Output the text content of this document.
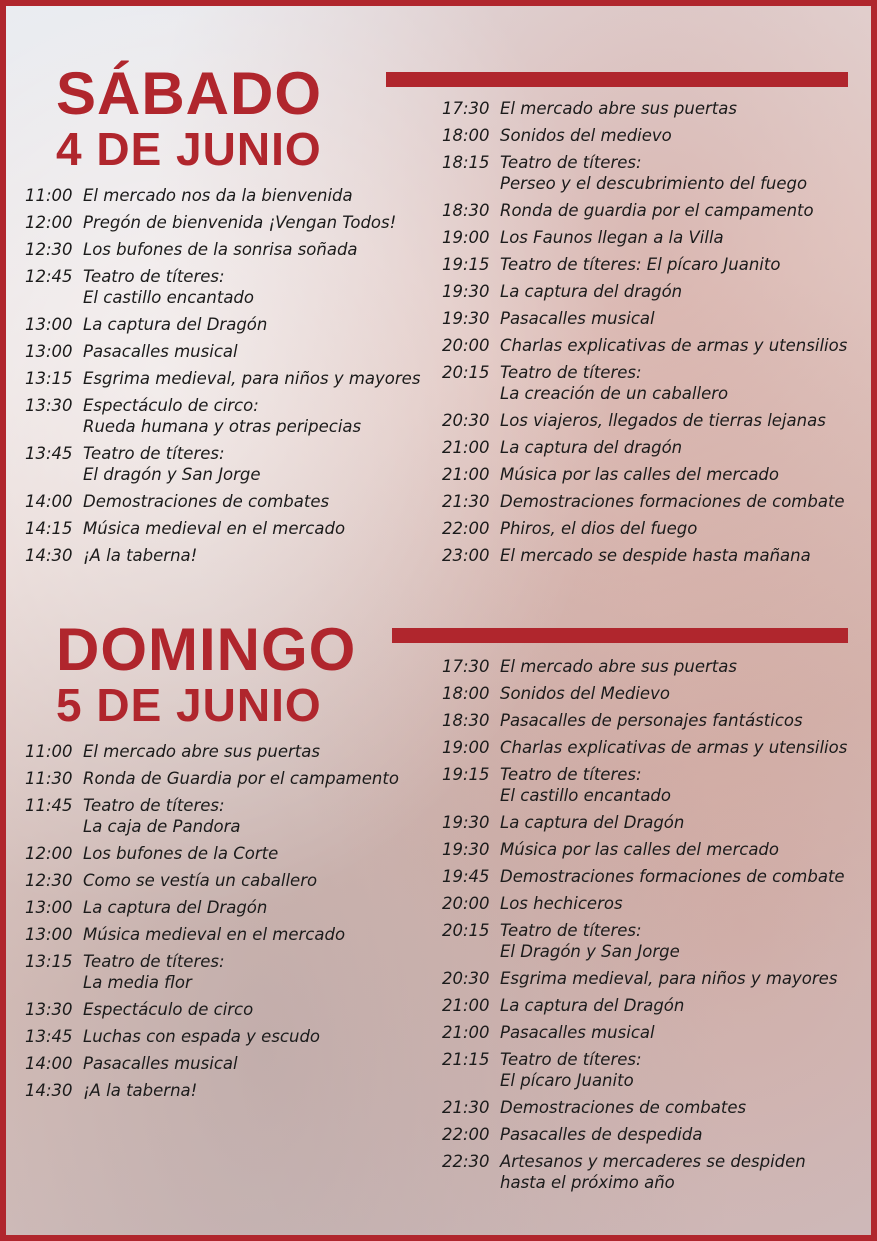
SÁBADO
4 DE JUNIO
11:00 El mercado nos da la bienvenida
12:00 Pregón de bienvenida ¡Vengan Todos!
12:30 Los bufones de la sonrisa soñada
12:45 Teatro de títeres:
El castillo encantado
13:00 La captura del Dragón
13:00 Pasacalles musical
13:15 Esgrima medieval, para niños y mayores
13:30 Espectáculo de circo:
Rueda humana y otras peripecias
13:45 Teatro de títeres:
El dragón y San Jorge
14:00 Demostraciones de combates
14:15 Música medieval en el mercado
14:30 ¡A la taberna!
17:30 El mercado abre sus puertas
18:00 Sonidos del medievo
18:15 Teatro de títeres:
Perseo y el descubrimiento del fuego
18:30 Ronda de guardia por el campamento
19:00 Los Faunos llegan a la Villa
19:15 Teatro de títeres: El pícaro Juanito
19:30 La captura del dragón
19:30 Pasacalles musical
20:00 Charlas explicativas de armas y utensilios
20:15 Teatro de títeres:
La creación de un caballero
20:30 Los viajeros, llegados de tierras lejanas
21:00 La captura del dragón
21:00 Música por las calles del mercado
21:30 Demostraciones formaciones de combate
22:00 Phiros, el dios del fuego
23:00 El mercado se despide hasta mañana
DOMINGO
5 DE JUNIO
11:00 El mercado abre sus puertas
11:30 Ronda de Guardia por el campamento
11:45 Teatro de títeres:
La caja de Pandora
12:00 Los bufones de la Corte
12:30 Como se vestía un caballero
13:00 La captura del Dragón
13:00 Música medieval en el mercado
13:15 Teatro de títeres:
La media flor
13:30 Espectáculo de circo
13:45 Luchas con espada y escudo
14:00 Pasacalles musical
14:30 ¡A la taberna!
17:30 El mercado abre sus puertas
18:00 Sonidos del Medievo
18:30 Pasacalles de personajes fantásticos
19:00 Charlas explicativas de armas y utensilios
19:15 Teatro de títeres:
El castillo encantado
19:30 La captura del Dragón
19:30 Música por las calles del mercado
19:45 Demostraciones formaciones de combate
20:00 Los hechiceros
20:15 Teatro de títeres:
El Dragón y San Jorge
20:30 Esgrima medieval, para niños y mayores
21:00 La captura del Dragón
21:00 Pasacalles musical
21:15 Teatro de títeres:
El pícaro Juanito
21:30 Demostraciones de combates
22:00 Pasacalles de despedida
22:30 Artesanos y mercaderes se despiden
hasta el próximo año
